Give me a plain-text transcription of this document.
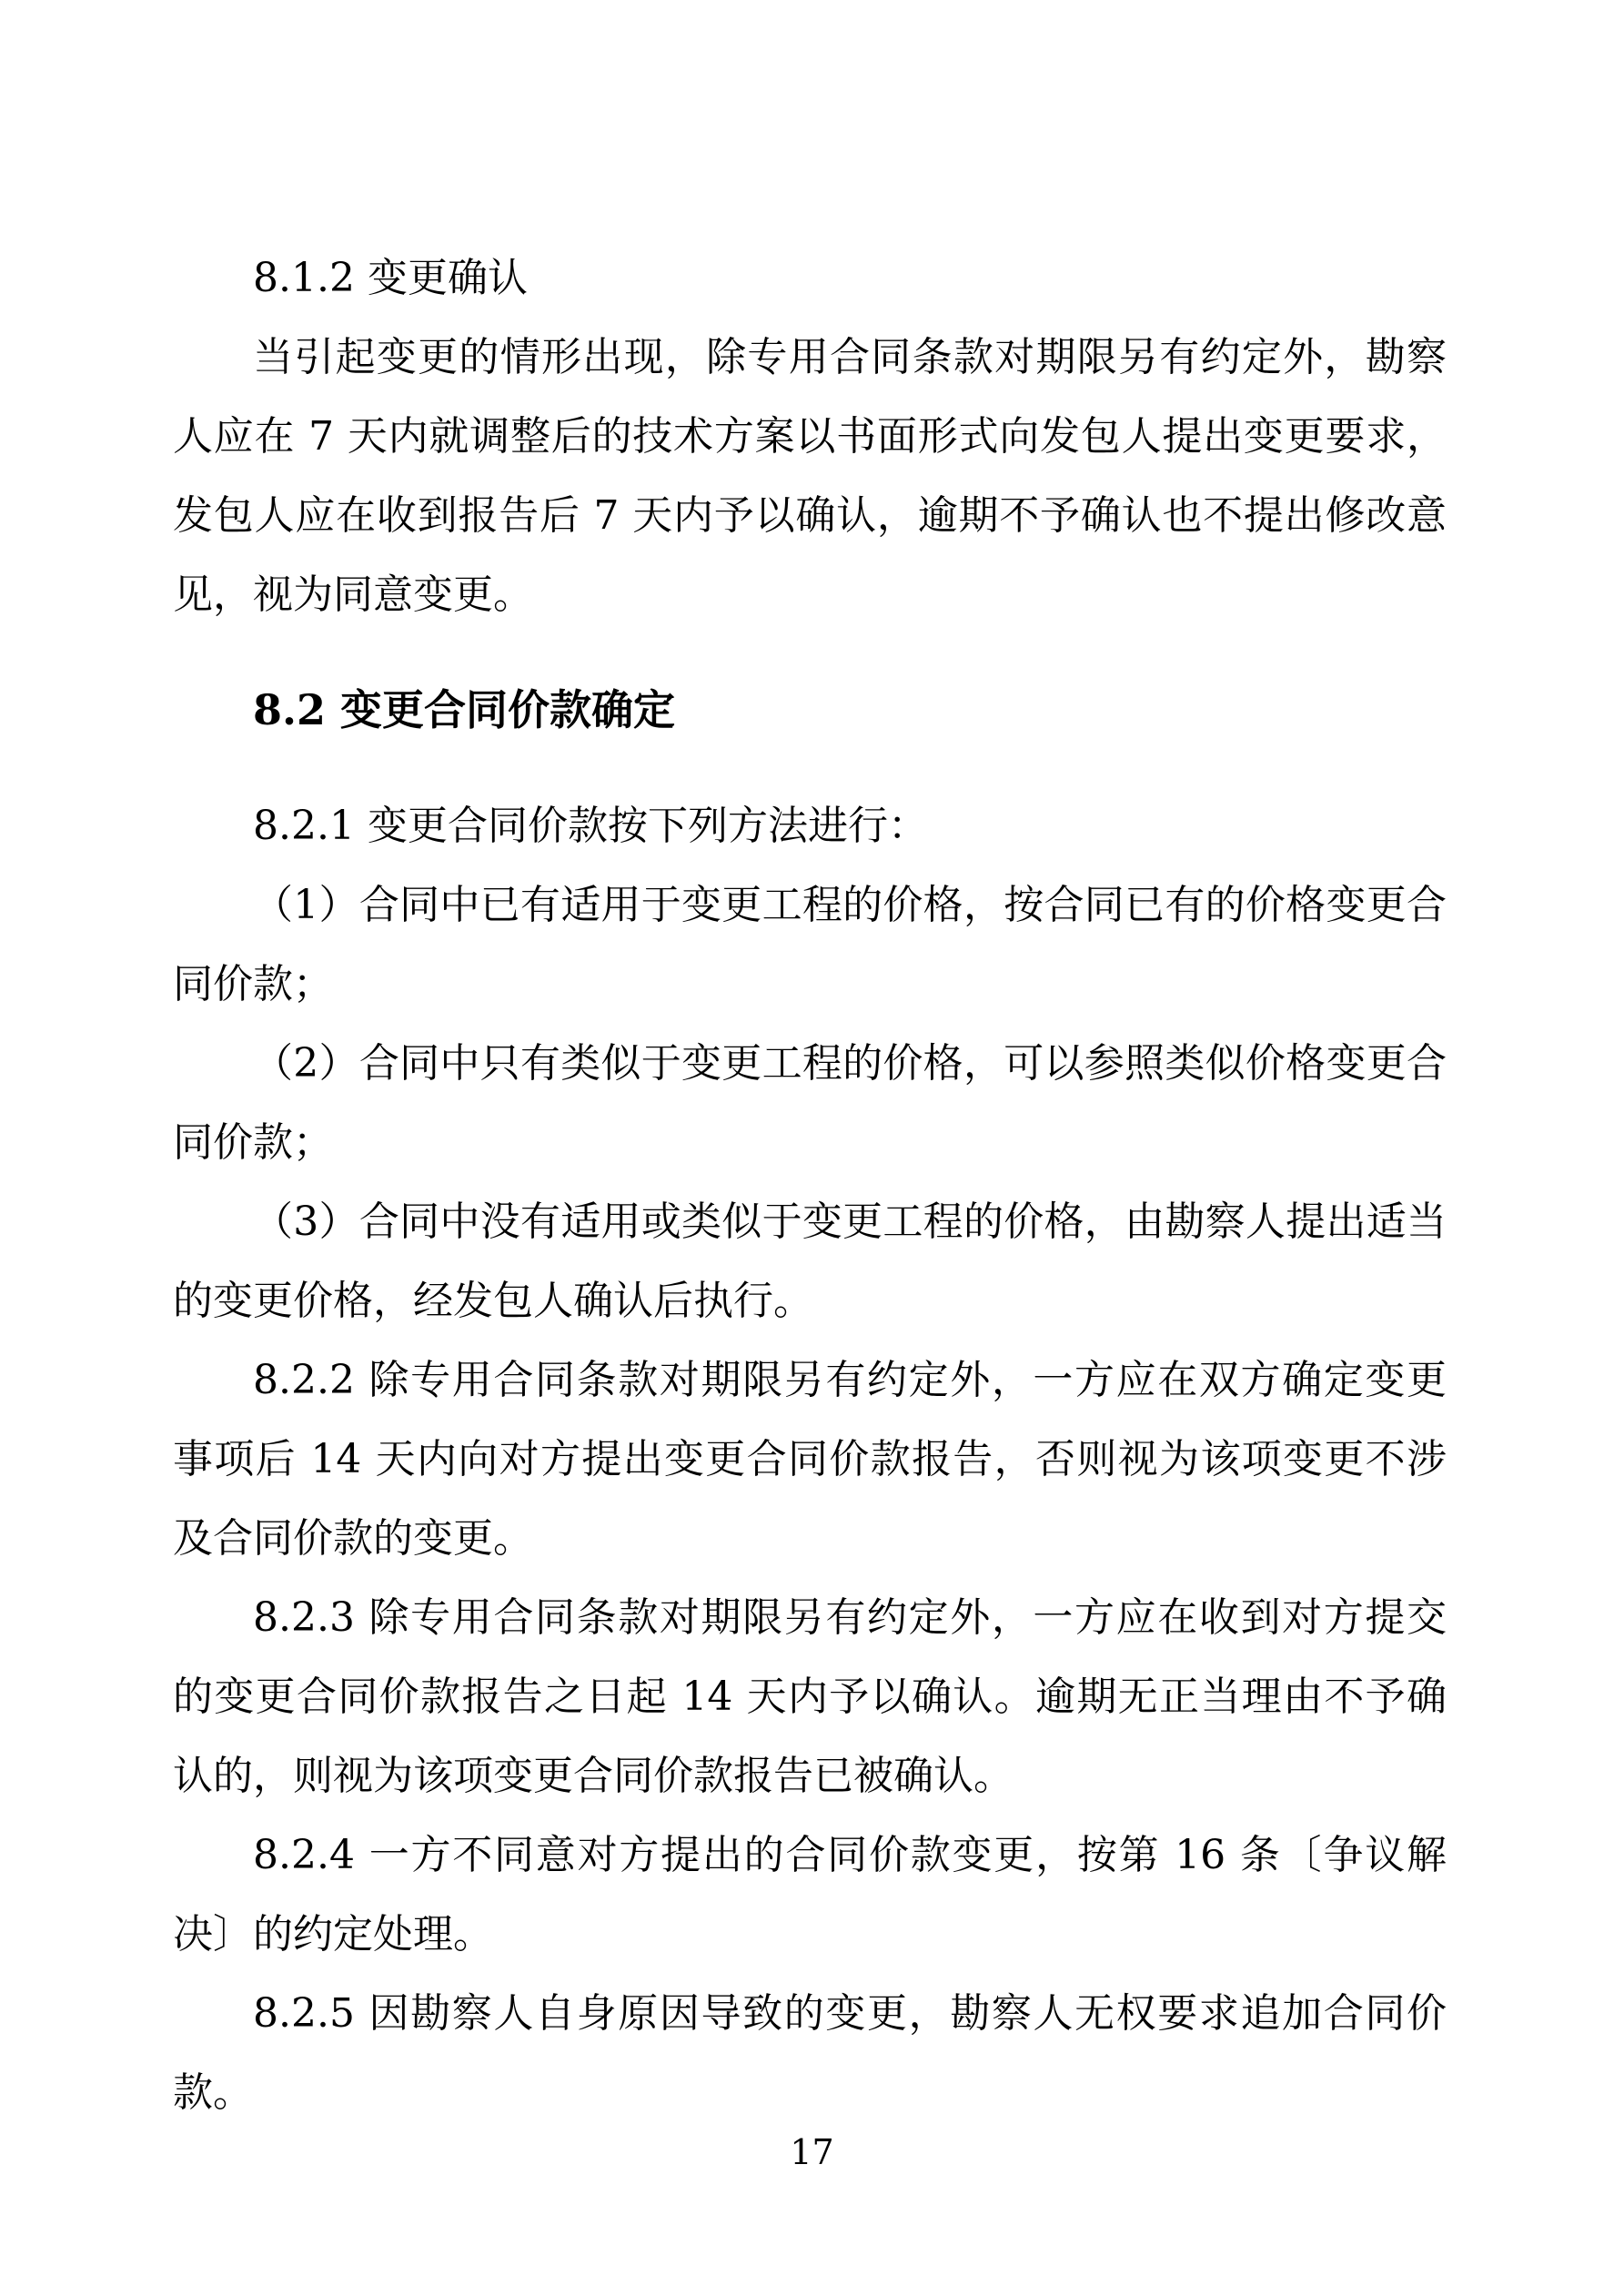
8.1.2 变更确认

当引起变更的情形出现，除专用合同条款对期限另有约定外，勘察人应在 7 天内就调整后的技术方案以书面形式向发包人提出变更要求，发包人应在收到报告后 7 天内予以确认，逾期不予确认也不提出修改意见，视为同意变更。

8.2 变更合同价款确定

8.2.1 变更合同价款按下列方法进行：

（1）合同中已有适用于变更工程的价格，按合同已有的价格变更合同价款；

（2）合同中只有类似于变更工程的价格，可以参照类似价格变更合同价款；

（3）合同中没有适用或类似于变更工程的价格，由勘察人提出适当的变更价格，经发包人确认后执行。

8.2.2 除专用合同条款对期限另有约定外，一方应在双方确定变更事项后 14 天内向对方提出变更合同价款报告，否则视为该项变更不涉及合同价款的变更。

8.2.3 除专用合同条款对期限另有约定外，一方应在收到对方提交的变更合同价款报告之日起 14 天内予以确认。逾期无正当理由不予确认的，则视为该项变更合同价款报告已被确认。

8.2.4 一方不同意对方提出的合同价款变更，按第 16 条〔争议解决〕的约定处理。

8.2.5 因勘察人自身原因导致的变更，勘察人无权要求追加合同价款。

17
